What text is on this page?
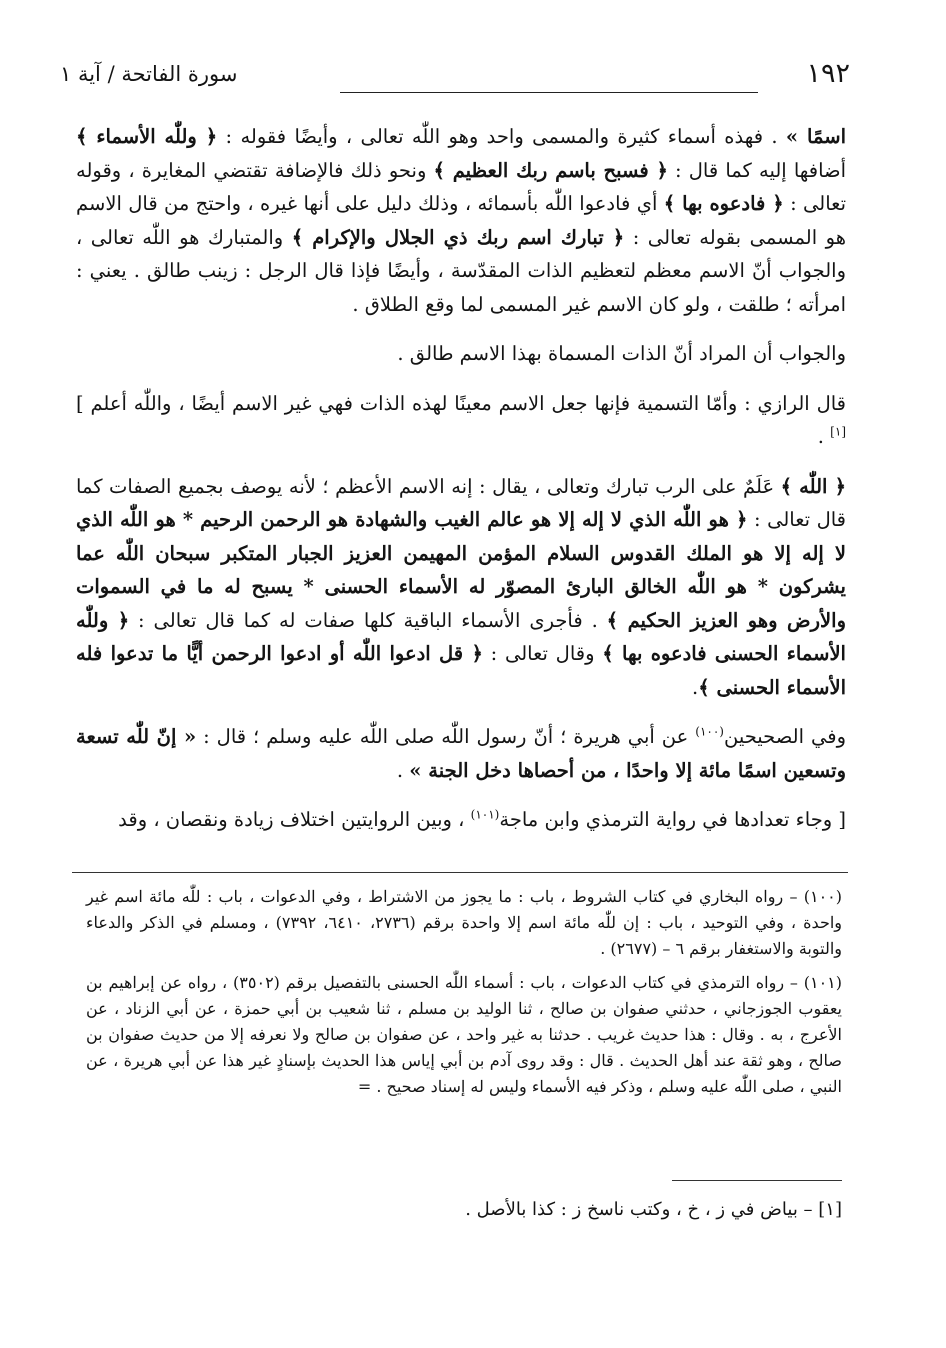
١٩٢
سورة الفاتحة / آية ١

اسمًا » . فهذه أسماء كثيرة والمسمى واحد وهو اللّٰه تعالى ، وأيضًا فقوله : ﴿ وللّٰه الأسماء ﴾ أضافها إليه كما قال : ﴿ فسبح باسم ربك العظيم ﴾ ونحو ذلك فالإضافة تقتضي المغايرة ، وقوله تعالى : ﴿ فادعوه بها ﴾ أي فادعوا اللّٰه بأسمائه ، وذلك دليل على أنها غيره ، واحتج من قال الاسم هو المسمى بقوله تعالى : ﴿ تبارك اسم ربك ذي الجلال والإكرام ﴾ والمتبارك هو اللّٰه تعالى ، والجواب أنّ الاسم معظم لتعظيم الذات المقدّسة ، وأيضًا فإذا قال الرجل : زينب طالق . يعني : امرأته ؛ طلقت ، ولو كان الاسم غير المسمى لما وقع الطلاق .

والجواب أن المراد أنّ الذات المسماة بهذا الاسم طالق .

قال الرازي : وأمّا التسمية فإنها جعل الاسم معينًا لهذه الذات فهي غير الاسم أيضًا ، واللّٰه أعلم ][١] .

﴿ اللّٰه ﴾ عَلَمٌ على الرب تبارك وتعالى ، يقال : إنه الاسم الأعظم ؛ لأنه يوصف بجميع الصفات كما قال تعالى : ﴿ هو اللّٰه الذي لا إله إلا هو عالم الغيب والشهادة هو الرحمن الرحيم * هو اللّٰه الذي لا إله إلا هو الملك القدوس السلام المؤمن المهيمن العزيز الجبار المتكبر سبحان اللّٰه عما يشركون * هو اللّٰه الخالق البارئ المصوّر له الأسماء الحسنى * يسبح له ما في السموات والأرض وهو العزيز الحكيم ﴾ . فأجرى الأسماء الباقية كلها صفات له كما قال تعالى : ﴿ وللّٰه الأسماء الحسنى فادعوه بها ﴾ وقال تعالى : ﴿ قل ادعوا اللّٰه أو ادعوا الرحمن أيًّا ما تدعوا فله الأسماء الحسنى ﴾.

وفي الصحيحين$^{(١٠٠)}$ عن أبي هريرة ؛ أنّ رسول اللّٰه صلى اللّٰه عليه وسلم ؛ قال : « إنّ للّٰه تسعة وتسعين اسمًا مائة إلا واحدًا ، من أحصاها دخل الجنة » .

[ وجاء تعدادها في رواية الترمذي وابن ماجة$^{(١٠١)}$ ، وبين الروايتين اختلاف زيادة ونقصان ، وقد

(١٠٠) – رواه البخاري في كتاب الشروط ، باب : ما يجوز من الاشتراط ، وفي الدعوات ، باب : للّٰه مائة اسم غير واحدة ، وفي التوحيد ، باب : إن للّٰه مائة اسم إلا واحدة برقم (٢٧٣٦، ٦٤١٠، ٧٣٩٢) ، ومسلم في الذكر والدعاء والتوبة والاستغفار برقم ٦ – (٢٦٧٧) .

(١٠١) – رواه الترمذي في كتاب الدعوات ، باب : أسماء اللّٰه الحسنى بالتفصيل برقم (٣٥٠٢) ، رواه عن إبراهيم بن يعقوب الجوزجاني ، حدثني صفوان بن صالح ، ثنا الوليد بن مسلم ، ثنا شعيب بن أبي حمزة ، عن أبي الزناد ، عن الأعرج ، به . وقال : هذا حديث غريب . حدثنا به غير واحد ، عن صفوان بن صالح ولا نعرفه إلا من حديث صفوان بن صالح ، وهو ثقة عند أهل الحديث . قال : وقد روى آدم بن أبي إياس هذا الحديث بإسنادٍ غير هذا عن أبي هريرة ، عن النبي ، صلى اللّٰه عليه وسلم ، وذكر فيه الأسماء وليس له إسناد صحيح . =

[١] – بياض في ز ، خ ، وكتب ناسخ ز : كذا بالأصل .
